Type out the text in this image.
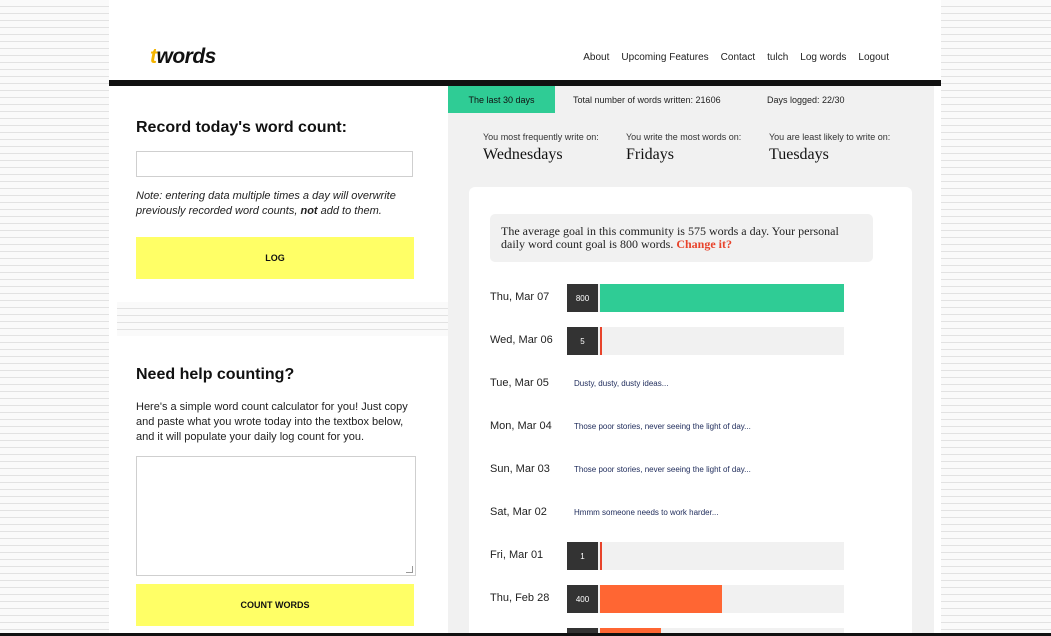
twords	About Upcoming Features Contact tulch Log words Logout
Record today's word count:
Note: entering data multiple times a day will overwrite previously recorded word counts, not add to them.
LOG
Need help counting?
Here's a simple word count calculator for you! Just copy and paste what you wrote today into the textbox below, and it will populate your daily log count for you.
COUNT WORDS
The last 30 days	Total number of words written: 21606	Days logged: 22/30
You most frequently write on:
Wednesdays
You write the most words on:
Fridays
You are least likely to write on:
Tuesdays
The average goal in this community is 575 words a day. Your personal daily word count goal is 800 words. Change it?
Thu, Mar 07	800
Wed, Mar 06	5
Tue, Mar 05	Dusty, dusty, dusty ideas...
Mon, Mar 04	Those poor stories, never seeing the light of day...
Sun, Mar 03	Those poor stories, never seeing the light of day...
Sat, Mar 02	Hmmm someone needs to work harder...
Fri, Mar 01	1
Thu, Feb 28	400
